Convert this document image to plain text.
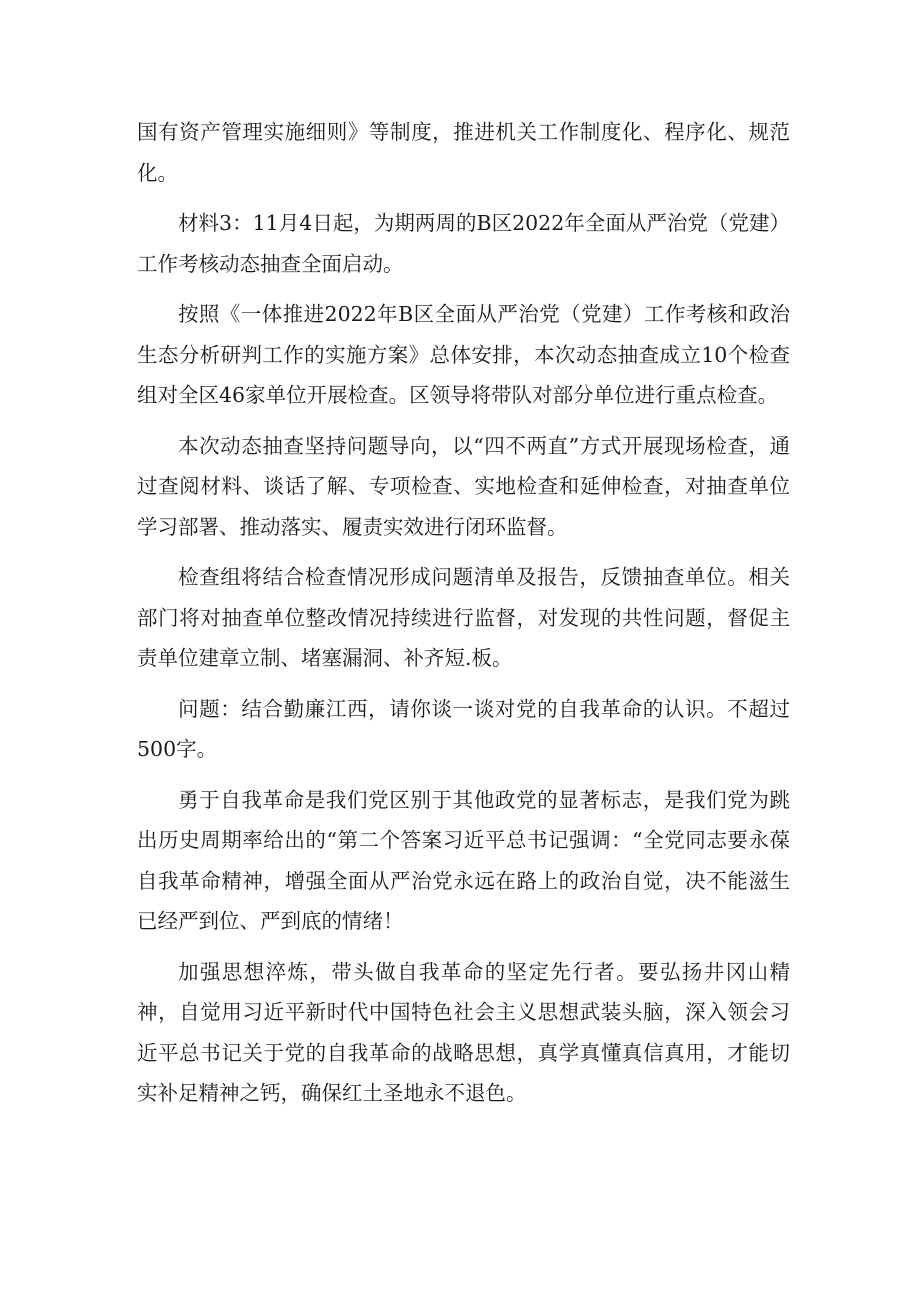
国有资产管理实施细则》等制度，推进机关工作制度化、程序化、规范化。

材料3：11月4日起，为期两周的B区2022年全面从严治党（党建）工作考核动态抽查全面启动。

按照《一体推进2022年B区全面从严治党（党建）工作考核和政治生态分析研判工作的实施方案》总体安排，本次动态抽查成立10个检查组对全区46家单位开展检查。区领导将带队对部分单位进行重点检查。

本次动态抽查坚持问题导向，以“四不两直”方式开展现场检查，通过查阅材料、谈话了解、专项检查、实地检查和延伸检查，对抽查单位学习部署、推动落实、履责实效进行闭环监督。

检查组将结合检查情况形成问题清单及报告，反馈抽查单位。相关部门将对抽查单位整改情况持续进行监督，对发现的共性问题，督促主责单位建章立制、堵塞漏洞、补齐短.板。

问题：结合勤廉江西，请你谈一谈对党的自我革命的认识。不超过500字。

勇于自我革命是我们党区别于其他政党的显著标志，是我们党为跳出历史周期率给出的“第二个答案习近平总书记强调：“全党同志要永葆自我革命精神，增强全面从严治党永远在路上的政治自觉，决不能滋生已经严到位、严到底的情绪！

加强思想淬炼，带头做自我革命的坚定先行者。要弘扬井冈山精神，自觉用习近平新时代中国特色社会主义思想武装头脑，深入领会习近平总书记关于党的自我革命的战略思想，真学真懂真信真用，才能切实补足精神之钙，确保红土圣地永不退色。
